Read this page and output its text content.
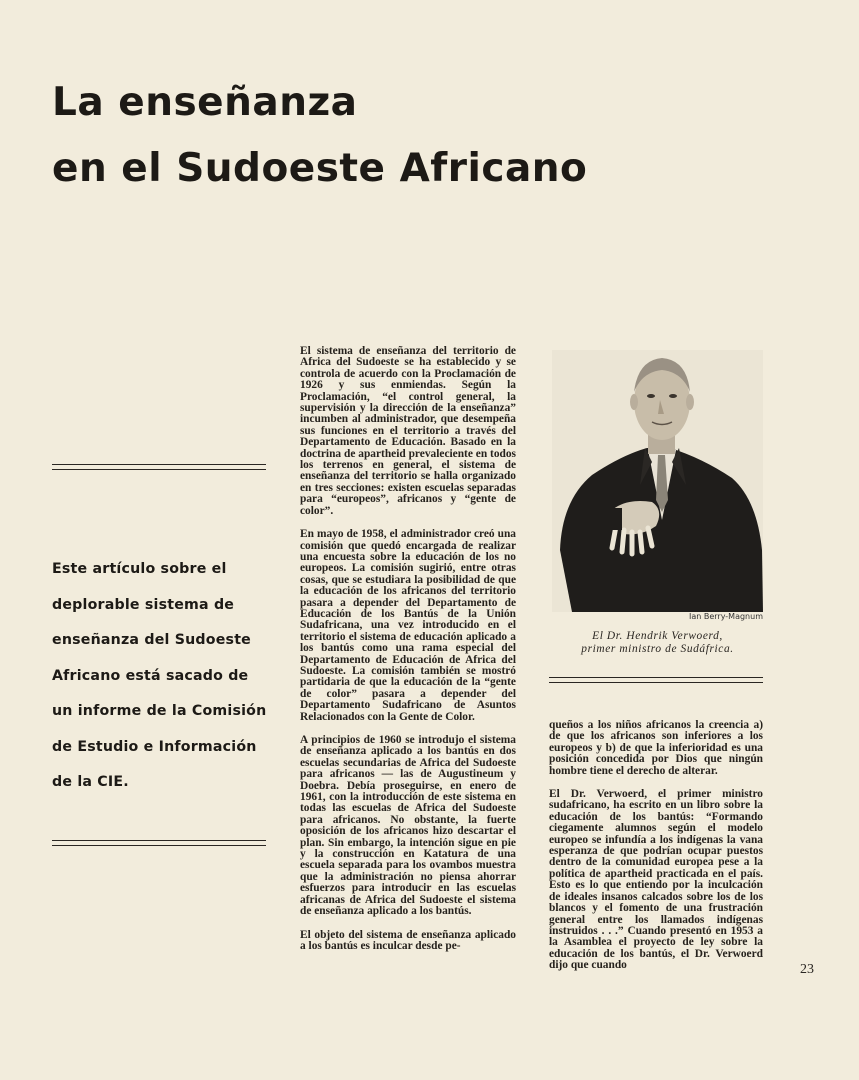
La enseñanza
en el Sudoeste Africano

Este artículo sobre el deplorable sistema de enseñanza del Sudoeste Africano está sacado de un informe de la Comisión de Estudio e Información de la CIE.

El sistema de enseñanza del territorio de Africa del Sudoeste se ha establecido y se controla de acuerdo con la Proclamación de 1926 y sus enmiendas. Según la Proclamación, “el control general, la supervisión y la dirección de la enseñanza” incumben al administrador, que desempeña sus funciones en el territorio a través del Departamento de Educación. Basado en la doctrina de apartheid prevaleciente en todos los terrenos en general, el sistema de enseñanza del territorio se halla organizado en tres secciones: existen escuelas separadas para “europeos”, africanos y “gente de color”.

En mayo de 1958, el administrador creó una comisión que quedó encargada de realizar una encuesta sobre la educación de los no europeos. La comisión sugirió, entre otras cosas, que se estudiara la posibilidad de que la educación de los africanos del territorio pasara a depender del Departamento de Educación de los Bantús de la Unión Sudafricana, una vez introducido en el territorio el sistema de educación aplicado a los bantús como una rama especial del Departamento de Educación de Africa del Sudoeste. La comisión también se mostró partidaria de que la educación de la “gente de color” pasara a depender del Departamento Sudafricano de Asuntos Relacionados con la Gente de Color.

A principios de 1960 se introdujo el sistema de enseñanza aplicado a los bantús en dos escuelas secundarias de Africa del Sudoeste para africanos — las de Augustineum y Doebra. Debía proseguirse, en enero de 1961, con la introducción de este sistema en todas las escuelas de Africa del Sudoeste para africanos. No obstante, la fuerte oposición de los africanos hizo descartar el plan. Sin embargo, la intención sigue en pie y la construcción en Katatura de una escuela separada para los ovambos muestra que la administración no piensa ahorrar esfuerzos para introducir en las escuelas africanas de Africa del Sudoeste el sistema de enseñanza aplicado a los bantús.

El objeto del sistema de enseñanza aplicado a los bantús es inculcar desde pe-

Ian Berry-Magnum
El Dr. Hendrik Verwoerd,
primer ministro de Sudáfrica.

queños a los niños africanos la creencia a) de que los africanos son inferiores a los europeos y b) de que la inferioridad es una posición concedida por Dios que ningún hombre tiene el derecho de alterar.

El Dr. Verwoerd, el primer ministro sudafricano, ha escrito en un libro sobre la educación de los bantús: “Formando ciegamente alumnos según el modelo europeo se infundía a los indígenas la vana esperanza de que podrían ocupar puestos dentro de la comunidad europea pese a la política de apartheid practicada en el país. Esto es lo que entiendo por la inculcación de ideales insanos calcados sobre los de los blancos y el fomento de una frustración general entre los llamados indígenas instruidos . . .” Cuando presentó en 1953 a la Asamblea el proyecto de ley sobre la educación de los bantús, el Dr. Verwoerd dijo que cuando	23
